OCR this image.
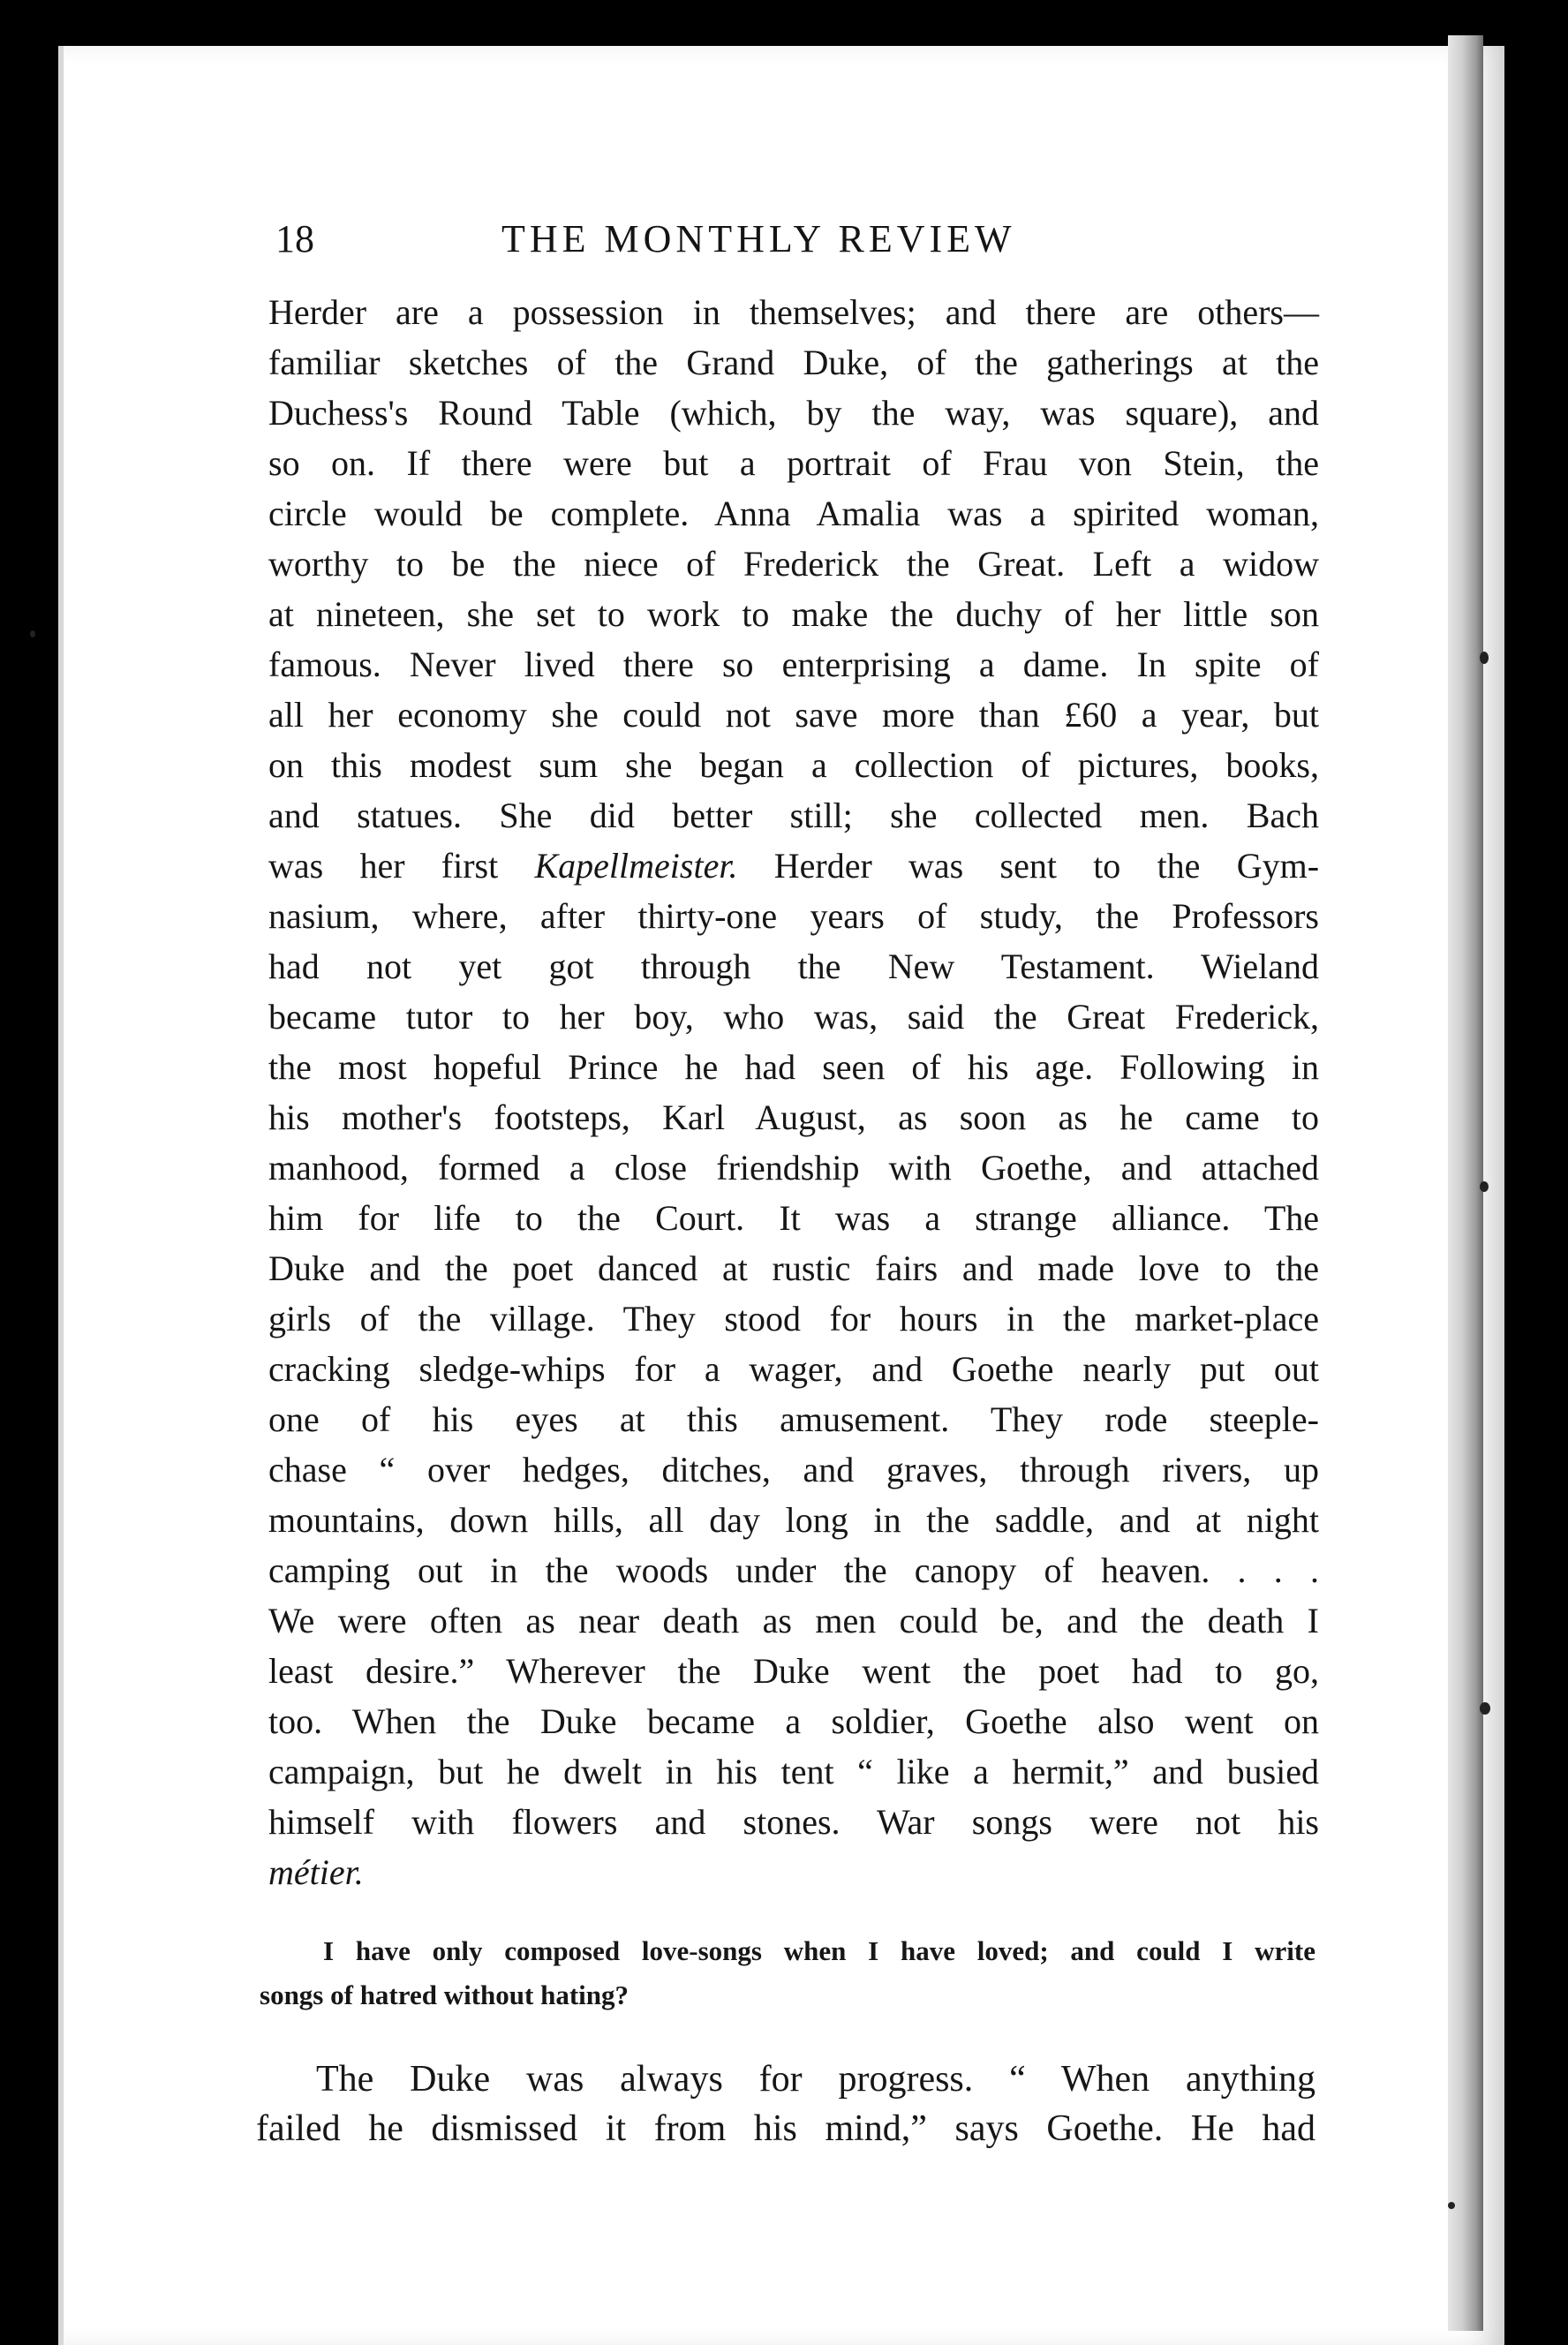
18	THE MONTHLY REVIEW
Herder are a possession in themselves; and there are others—
familiar sketches of the Grand Duke, of the gatherings at the
Duchess's Round Table (which, by the way, was square), and
so on. If there were but a portrait of Frau von Stein, the
circle would be complete. Anna Amalia was a spirited woman,
worthy to be the niece of Frederick the Great. Left a widow
at nineteen, she set to work to make the duchy of her little son
famous. Never lived there so enterprising a dame. In spite of
all her economy she could not save more than £60 a year, but
on this modest sum she began a collection of pictures, books,
and statues. She did better still; she collected men. Bach
was her first Kapellmeister. Herder was sent to the Gym-
nasium, where, after thirty-one years of study, the Professors
had not yet got through the New Testament. Wieland
became tutor to her boy, who was, said the Great Frederick,
the most hopeful Prince he had seen of his age. Following in
his mother's footsteps, Karl August, as soon as he came to
manhood, formed a close friendship with Goethe, and attached
him for life to the Court. It was a strange alliance. The
Duke and the poet danced at rustic fairs and made love to the
girls of the village. They stood for hours in the market-place
cracking sledge-whips for a wager, and Goethe nearly put out
one of his eyes at this amusement. They rode steeple-
chase “ over hedges, ditches, and graves, through rivers, up
mountains, down hills, all day long in the saddle, and at night
camping out in the woods under the canopy of heaven. . . .
We were often as near death as men could be, and the death I
least desire.” Wherever the Duke went the poet had to go,
too. When the Duke became a soldier, Goethe also went on
campaign, but he dwelt in his tent “ like a hermit,” and busied
himself with flowers and stones. War songs were not his
métier.
I have only composed love-songs when I have loved; and could I write
songs of hatred without hating?
The Duke was always for progress. “ When anything
failed he dismissed it from his mind,” says Goethe. He had
